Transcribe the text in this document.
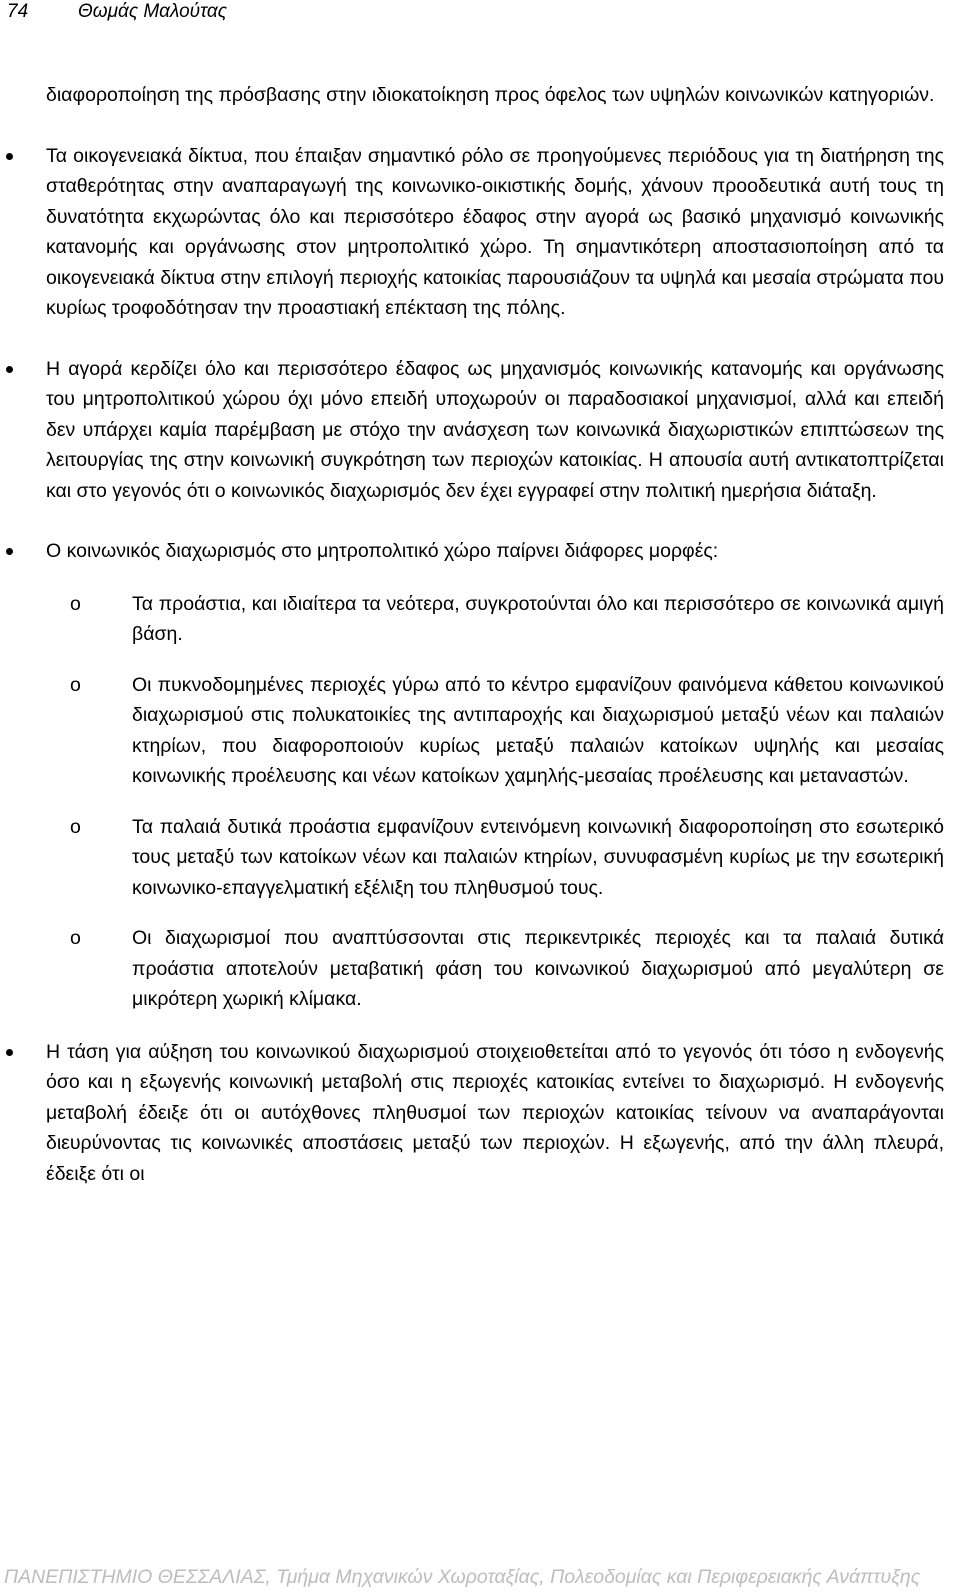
74	Θωμάς Μαλούτας

διαφοροποίηση της πρόσβασης στην ιδιοκατοίκηση προς όφελος των υψηλών κοινωνικών κατηγοριών.

Τα οικογενειακά δίκτυα, που έπαιξαν σημαντικό ρόλο σε προηγούμενες περιόδους για τη διατήρηση της σταθερότητας στην αναπαραγωγή της κοινωνικο-οικιστικής δομής, χάνουν προοδευτικά αυτή τους τη δυνατότητα εκχωρώντας όλο και περισσότερο έδαφος στην αγορά ως βασικό μηχανισμό κοινωνικής κατανομής και οργάνωσης στον μητροπολιτικό χώρο. Τη σημαντικότερη αποστασιοποίηση από τα οικογενειακά δίκτυα στην επιλογή περιοχής κατοικίας παρουσιάζουν τα υψηλά και μεσαία στρώματα που κυρίως τροφοδότησαν την προαστιακή επέκταση της πόλης.

Η αγορά κερδίζει όλο και περισσότερο έδαφος ως μηχανισμός κοινωνικής κατανομής και οργάνωσης του μητροπολιτικού χώρου όχι μόνο επειδή υποχωρούν οι παραδοσιακοί μηχανισμοί, αλλά και επειδή δεν υπάρχει καμία παρέμβαση με στόχο την ανάσχεση των κοινωνικά διαχωριστικών επιπτώσεων της λειτουργίας της στην κοινωνική συγκρότηση των περιοχών κατοικίας. Η απουσία αυτή αντικατοπτρίζεται και στο γεγονός ότι ο κοινωνικός διαχωρισμός δεν έχει εγγραφεί στην πολιτική ημερήσια διάταξη.

Ο κοινωνικός διαχωρισμός στο μητροπολιτικό χώρο παίρνει διάφορες μορφές:

o	Τα προάστια, και ιδιαίτερα τα νεότερα, συγκροτούνται όλο και περισσότερο σε κοινωνικά αμιγή βάση.

o	Οι πυκνοδομημένες περιοχές γύρω από το κέντρο εμφανίζουν φαινόμενα κάθετου κοινωνικού διαχωρισμού στις πολυκατοικίες της αντιπαροχής και διαχωρισμού μεταξύ νέων και παλαιών κτηρίων, που διαφοροποιούν κυρίως μεταξύ παλαιών κατοίκων υψηλής και μεσαίας κοινωνικής προέλευσης και νέων κατοίκων χαμηλής-μεσαίας προέλευσης και μεταναστών.

o	Τα παλαιά δυτικά προάστια εμφανίζουν εντεινόμενη κοινωνική διαφοροποίηση στο εσωτερικό τους μεταξύ των κατοίκων νέων και παλαιών κτηρίων, συνυφασμένη κυρίως με την εσωτερική κοινωνικο-επαγγελματική εξέλιξη του πληθυσμού τους.

o	Οι διαχωρισμοί που αναπτύσσονται στις περικεντρικές περιοχές και τα παλαιά δυτικά προάστια αποτελούν μεταβατική φάση του κοινωνικού διαχωρισμού από μεγαλύτερη σε μικρότερη χωρική κλίμακα.

Η τάση για αύξηση του κοινωνικού διαχωρισμού στοιχειοθετείται από το γεγονός ότι τόσο η ενδογενής όσο και η εξωγενής κοινωνική μεταβολή στις περιοχές κατοικίας εντείνει το διαχωρισμό. Η ενδογενής μεταβολή έδειξε ότι οι αυτόχθονες πληθυσμοί των περιοχών κατοικίας τείνουν να αναπαράγονται διευρύνοντας τις κοινωνικές αποστάσεις μεταξύ των περιοχών. Η εξωγενής, από την άλλη πλευρά, έδειξε ότι οι

ΠΑΝΕΠΙΣΤΗΜΙΟ ΘΕΣΣΑΛΙΑΣ, Τμήμα Μηχανικών Χωροταξίας, Πολεοδομίας και Περιφερειακής Ανάπτυξης
